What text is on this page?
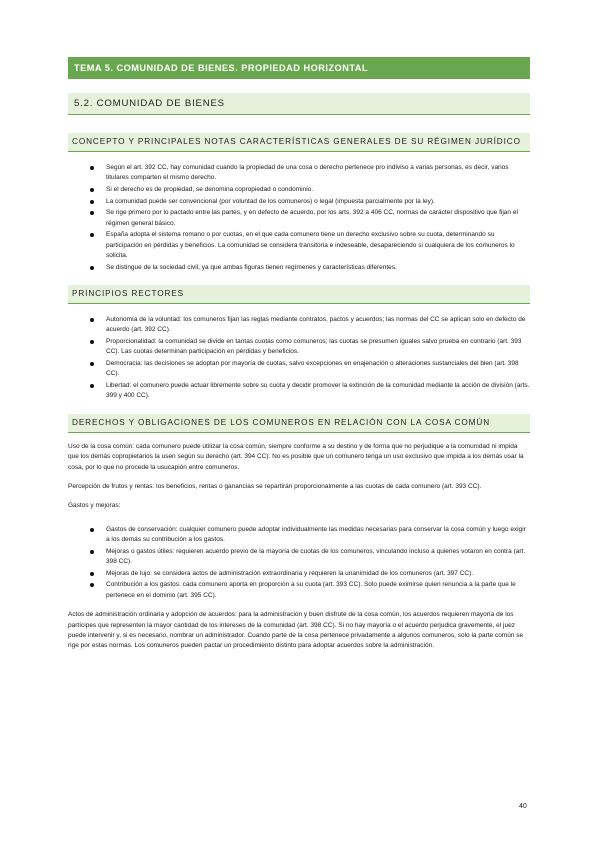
TEMA 5. COMUNIDAD DE BIENES. PROPIEDAD HORIZONTAL
5.2. COMUNIDAD DE BIENES
CONCEPTO Y PRINCIPALES NOTAS CARACTERÍSTICAS GENERALES DE SU RÉGIMEN JURÍDICO
Según el art. 392 CC, hay comunidad cuando la propiedad de una cosa o derecho pertenece pro indiviso a varias personas, es decir, varios titulares comparten el mismo derecho.
Si el derecho es de propiedad, se denomina copropiedad o condominio.
La comunidad puede ser convencional (por voluntad de los comuneros) o legal (impuesta parcialmente por la ley).
Se rige primero por lo pactado entre las partes, y en defecto de acuerdo, por los arts. 392 a 406 CC, normas de carácter dispositivo que fijan el régimen general básico.
España adopta el sistema romano o por cuotas, en el que cada comunero tiene un derecho exclusivo sobre su cuota, determinando su participación en pérdidas y beneficios. La comunidad se considera transitoria e indeseable, desapareciendo si cualquiera de los comuneros lo solicita.
Se distingue de la sociedad civil, ya que ambas figuras tienen regímenes y características diferentes.
PRINCIPIOS RECTORES
Autonomía de la voluntad: los comuneros fijan las reglas mediante contratos, pactos y acuerdos; las normas del CC se aplican solo en defecto de acuerdo (art. 392 CC).
Proporcionalidad: la comunidad se divide en tantas cuotas como comuneros; las cuotas se presumen iguales salvo prueba en contrario (art. 393 CC). Las cuotas determinan participación en pérdidas y beneficios.
Democracia: las decisiones se adoptan por mayoría de cuotas, salvo excepciones en enajenación o alteraciones sustanciales del bien (art. 398 CC).
Libertad: el comunero puede actuar libremente sobre su cuota y decidir promover la extinción de la comunidad mediante la acción de división (arts. 399 y 400 CC).
DERECHOS Y OBLIGACIONES DE LOS COMUNEROS EN RELACIÓN CON LA COSA COMÚN

Uso de la cosa común: cada comunero puede utilizar la cosa común, siempre conforme a su destino y de forma que no perjudique a la comunidad ni impida que los demás copropietarios la usen según su derecho (art. 394 CC). No es posible que un comunero tenga un uso exclusivo que impida a los demás usar la cosa, por lo que no procede la usucapión entre comuneros.

Percepción de frutos y rentas: los beneficios, rentas o ganancias se repartirán proporcionalmente a las cuotas de cada comunero (art. 393 CC).

Gastos y mejoras:

Gastos de conservación: cualquier comunero puede adoptar individualmente las medidas necesarias para conservar la cosa común y luego exigir a los demás su contribución a los gastos.
Mejoras o gastos útiles: requieren acuerdo previo de la mayoría de cuotas de los comuneros, vinculando incluso a quienes votaron en contra (art. 398 CC).
Mejoras de lujo: se considera actos de administración extraordinaria y requieren la unanimidad de los comuneros (art. 397 CC).
Contribución a los gastos: cada comunero aporta en proporción a su cuota (art. 393 CC). Solo puede eximirse quien renuncia a la parte que le pertenece en el dominio (art. 395 CC).

Actos de administración ordinaria y adopción de acuerdos: para la administración y buen disfrute de la cosa común, los acuerdos requieren mayoría de los partícipes que representen la mayor cantidad de los intereses de la comunidad (art. 398 CC). Si no hay mayoría o el acuerdo perjudica gravemente, el juez puede intervenir y, si es necesario, nombrar un administrador. Cuando parte de la cosa pertenece privadamente a algunos comuneros, solo la parte común se rige por estas normas. Los comuneros pueden pactar un procedimiento distinto para adoptar acuerdos sobre la administración.

40
